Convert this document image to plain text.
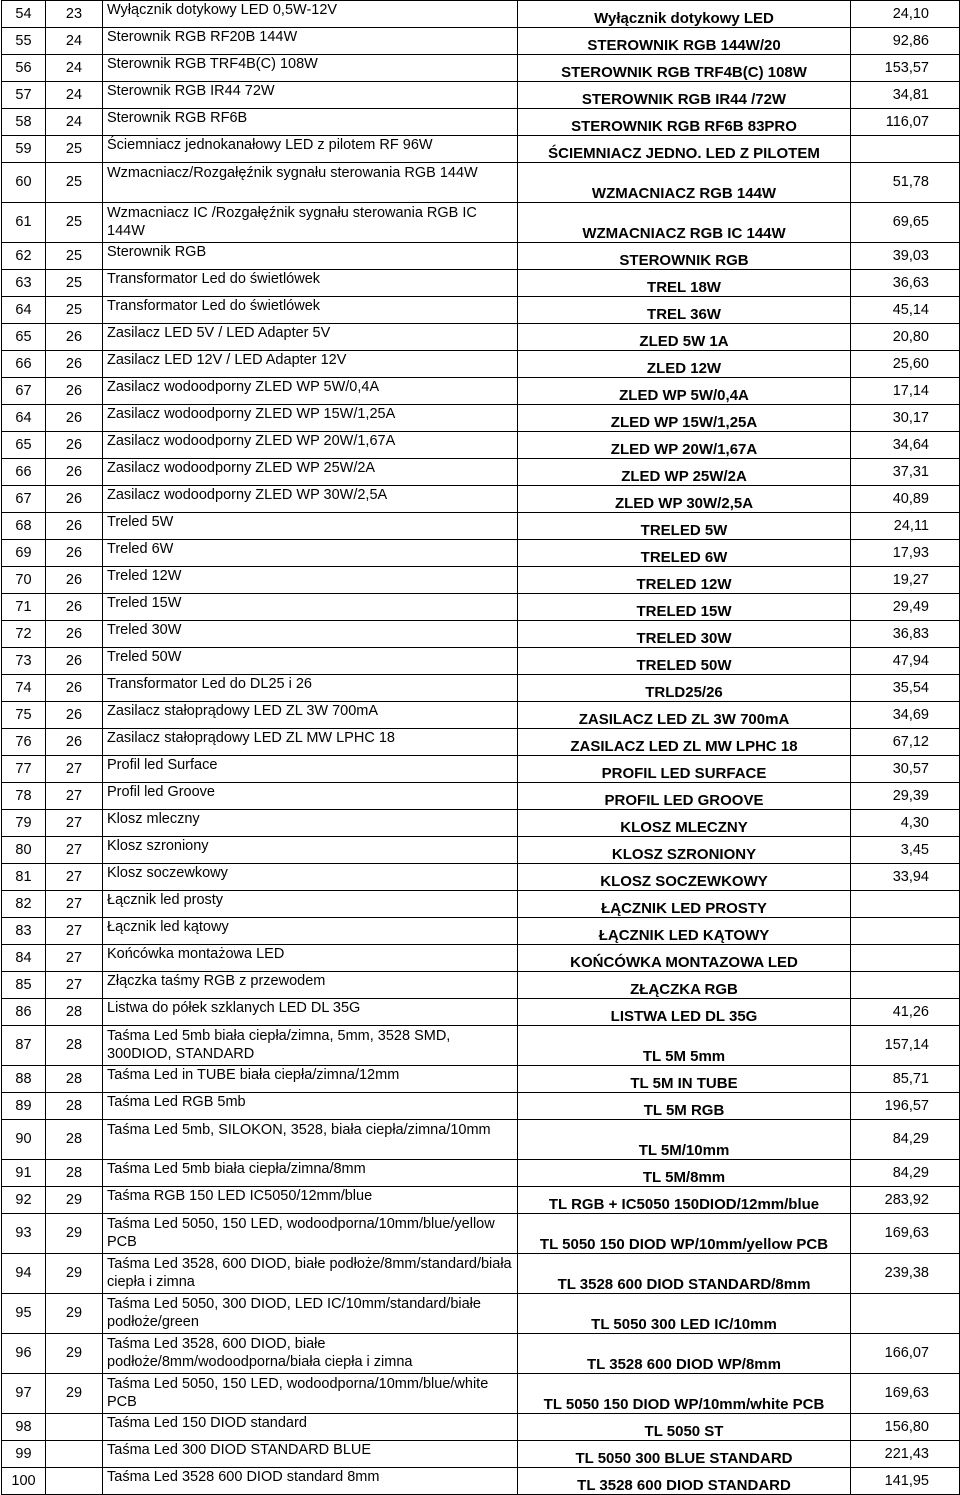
54	23	Wyłącznik dotykowy LED 0,5W-12V	Wyłącznik dotykowy LED	24,10
55	24	Sterownik RGB RF20B 144W	STEROWNIK RGB 144W/20	92,86
56	24	Sterownik RGB TRF4B(C) 108W	STEROWNIK RGB TRF4B(C) 108W	153,57
57	24	Sterownik RGB IR44 72W	STEROWNIK RGB IR44 /72W	34,81
58	24	Sterownik RGB RF6B	STEROWNIK RGB RF6B 83PRO	116,07
59	25	Ściemniacz jednokanałowy LED z pilotem RF 96W	ŚCIEMNIACZ JEDNO. LED Z PILOTEM	
60	25	Wzmacniacz/Rozgałęźnik sygnału sterowania RGB 144W	WZMACNIACZ RGB 144W	51,78
61	25	Wzmacniacz IC /Rozgałęźnik sygnału sterowania RGB IC 144W	WZMACNIACZ RGB IC 144W	69,65
62	25	Sterownik RGB	STEROWNIK RGB	39,03
63	25	Transformator Led do świetlówek	TREL 18W	36,63
64	25	Transformator Led do świetlówek	TREL 36W	45,14
65	26	Zasilacz LED 5V / LED Adapter 5V	ZLED 5W 1A	20,80
66	26	Zasilacz LED 12V / LED Adapter 12V	ZLED 12W	25,60
67	26	Zasilacz wodoodporny ZLED WP 5W/0,4A	ZLED WP 5W/0,4A	17,14
64	26	Zasilacz wodoodporny ZLED WP 15W/1,25A	ZLED WP 15W/1,25A	30,17
65	26	Zasilacz wodoodporny ZLED WP 20W/1,67A	ZLED WP 20W/1,67A	34,64
66	26	Zasilacz wodoodporny ZLED WP 25W/2A	ZLED WP 25W/2A	37,31
67	26	Zasilacz wodoodporny ZLED WP 30W/2,5A	ZLED WP 30W/2,5A	40,89
68	26	Treled 5W	TRELED 5W	24,11
69	26	Treled 6W	TRELED 6W	17,93
70	26	Treled 12W	TRELED 12W	19,27
71	26	Treled 15W	TRELED 15W	29,49
72	26	Treled 30W	TRELED 30W	36,83
73	26	Treled 50W	TRELED 50W	47,94
74	26	Transformator Led do DL25 i 26	TRLD25/26	35,54
75	26	Zasilacz stałoprądowy LED ZL 3W 700mA	ZASILACZ LED ZL 3W 700mA	34,69
76	26	Zasilacz stałoprądowy LED ZL MW LPHC 18	ZASILACZ LED ZL MW LPHC 18	67,12
77	27	Profil led Surface	PROFIL LED SURFACE	30,57
78	27	Profil led Groove	PROFIL LED GROOVE	29,39
79	27	Klosz mleczny	KLOSZ MLECZNY	4,30
80	27	Klosz szroniony	KLOSZ SZRONIONY	3,45
81	27	Klosz soczewkowy	KLOSZ SOCZEWKOWY	33,94
82	27	Łącznik led prosty	ŁĄCZNIK LED PROSTY	
83	27	Łącznik led kątowy	ŁĄCZNIK LED KĄTOWY	
84	27	Końcówka montażowa LED	KOŃCÓWKA MONTAZOWA LED	
85	27	Złączka taśmy RGB z przewodem	ZŁĄCZKA RGB	
86	28	Listwa do półek szklanych LED DL 35G	LISTWA LED DL 35G	41,26
87	28	Taśma Led 5mb biała ciepła/zimna, 5mm, 3528 SMD, 300DIOD, STANDARD	TL 5M 5mm	157,14
88	28	Taśma Led in TUBE biała ciepła/zimna/12mm	TL 5M IN TUBE	85,71
89	28	Taśma Led RGB 5mb	TL 5M RGB	196,57
90	28	Taśma Led 5mb, SILOKON, 3528, biała ciepła/zimna/10mm	TL 5M/10mm	84,29
91	28	Taśma Led 5mb biała ciepła/zimna/8mm	TL 5M/8mm	84,29
92	29	Taśma RGB 150 LED IC5050/12mm/blue	TL RGB + IC5050 150DIOD/12mm/blue	283,92
93	29	Taśma Led 5050, 150 LED, wodoodporna/10mm/blue/yellow PCB	TL 5050 150 DIOD WP/10mm/yellow PCB	169,63
94	29	Taśma Led 3528, 600 DIOD, białe podłoże/8mm/standard/biała ciepła i zimna	TL 3528 600 DIOD STANDARD/8mm	239,38
95	29	Taśma Led 5050, 300 DIOD, LED IC/10mm/standard/białe podłoże/green	TL 5050 300 LED IC/10mm	
96	29	Taśma Led 3528, 600 DIOD, białe podłoże/8mm/wodoodporna/biała ciepła i zimna	TL 3528 600 DIOD WP/8mm	166,07
97	29	Taśma Led 5050, 150 LED, wodoodporna/10mm/blue/white PCB	TL 5050 150 DIOD WP/10mm/white PCB	169,63
98		Taśma Led 150 DIOD standard	TL 5050 ST	156,80
99		Taśma Led 300 DIOD STANDARD BLUE	TL 5050 300 BLUE STANDARD	221,43
100		Taśma Led 3528 600 DIOD standard 8mm	TL 3528 600 DIOD STANDARD	141,95
